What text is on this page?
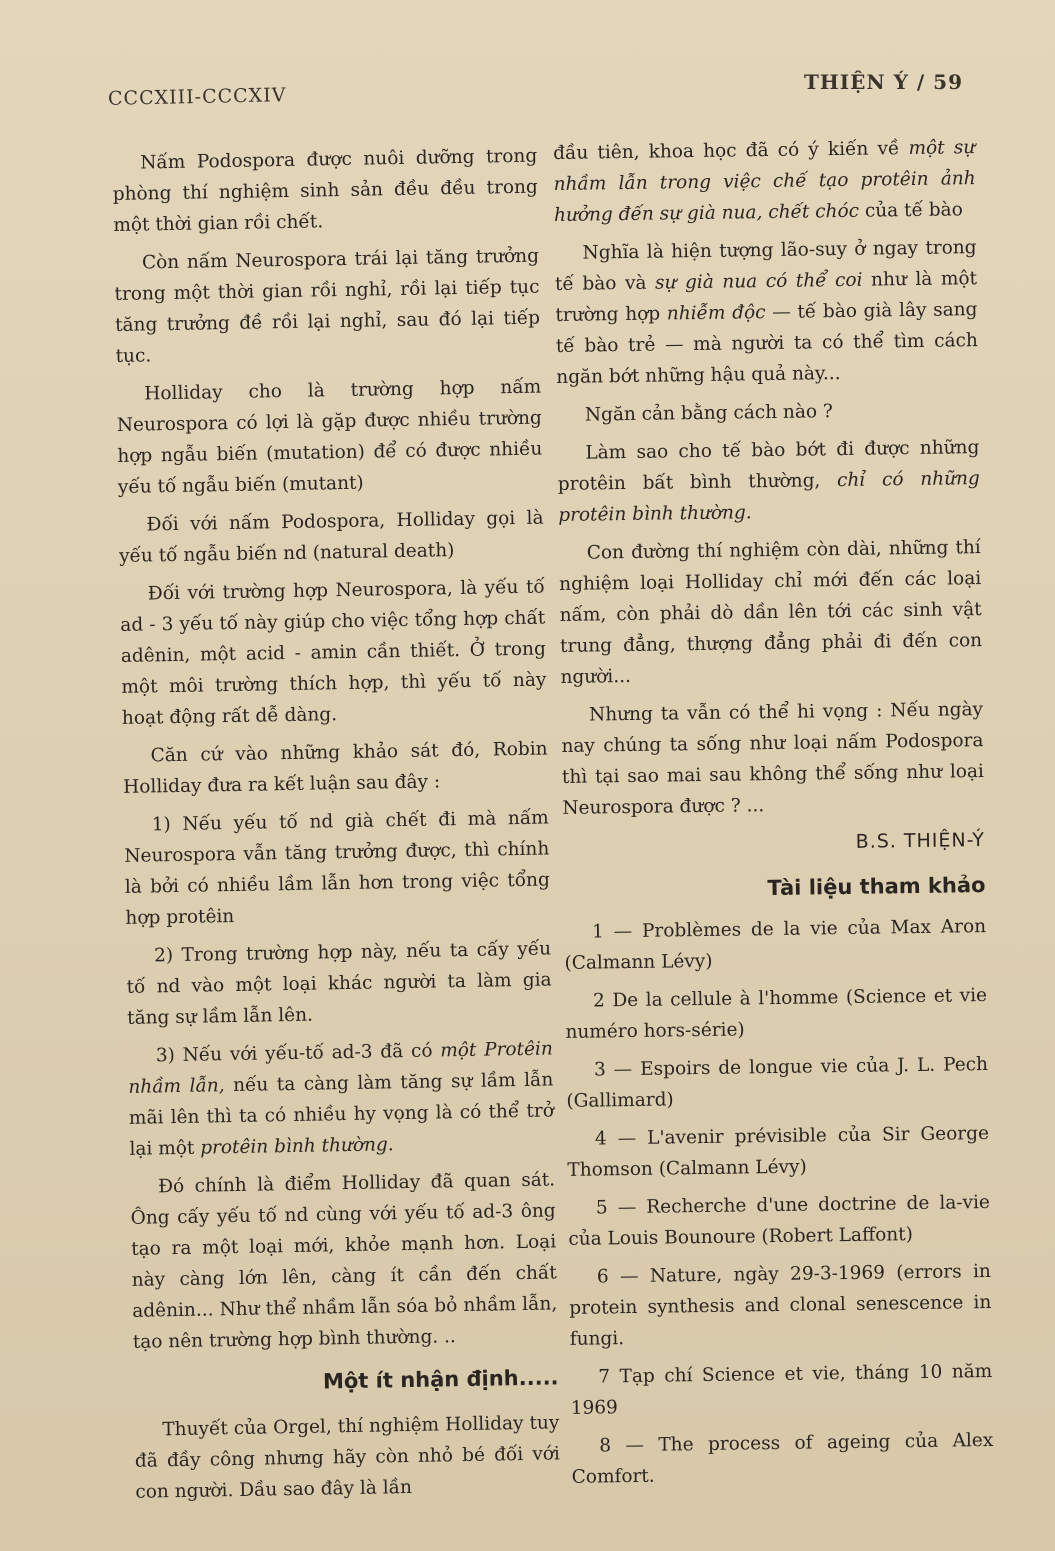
CCCXIII-CCCXIV
THIỆN Ý / 59

Nấm Podospora được nuôi dưỡng trong phòng thí nghiệm sinh sản đều đều trong một thời gian rồi chết.

Còn nấm Neurospora trái lại tăng trưởng trong một thời gian rồi nghỉ, rồi lại tiếp tục tăng trưởng đề rồi lại nghỉ, sau đó lại tiếp tục.

Holliday cho là trường hợp nấm Neurospora có lợi là gặp được nhiều trường hợp ngẫu biến (mutation) để có được nhiều yếu tố ngẫu biến (mutant)

Đối với nấm Podospora, Holliday gọi là yếu tố ngẫu biến nd (natural death)

Đối với trường hợp Neurospora, là yếu tố ad - 3 yếu tố này giúp cho việc tổng hợp chất adênin, một acid - amin cần thiết. Ở trong một môi trường thích hợp, thì yếu tố này hoạt động rất dễ dàng.

Căn cứ vào những khảo sát đó, Robin Holliday đưa ra kết luận sau đây :

1) Nếu yếu tố nd già chết đi mà nấm Neurospora vẫn tăng trưởng được, thì chính là bởi có nhiều lầm lẫn hơn trong việc tổng hợp protêin

2) Trong trường hợp này, nếu ta cấy yếu tố nd vào một loại khác người ta làm gia tăng sự lầm lẫn lên.

3) Nếu với yếu-tố ad-3 đã có một Protêin nhầm lẫn, nếu ta càng làm tăng sự lầm lẫn mãi lên thì ta có nhiều hy vọng là có thể trở lại một protêin bình thường.

Đó chính là điểm Holliday đã quan sát. Ông cấy yếu tố nd cùng với yếu tố ad-3 ông tạo ra một loại mới, khỏe mạnh hơn. Loại này càng lớn lên, càng ít cần đến chất adênin... Như thể nhầm lẫn sóa bỏ nhầm lẫn, tạo nên trường hợp bình thường. ..

Một ít nhận định.....

Thuyết của Orgel, thí nghiệm Holliday tuy đã đầy công nhưng hãy còn nhỏ bé đối với con người. Dầu sao đây là lần

đầu tiên, khoa học đã có ý kiến về một sự nhầm lẫn trong việc chế tạo protêin ảnh hưởng đến sự già nua, chết chóc của tế bào

Nghĩa là hiện tượng lão-suy ở ngay trong tế bào và sự già nua có thể coi như là một trường hợp nhiễm độc — tế bào già lây sang tế bào trẻ — mà người ta có thể tìm cách ngăn bớt những hậu quả này...

Ngăn cản bằng cách nào ?

Làm sao cho tế bào bớt đi được những protêin bất bình thường, chỉ có những protêin bình thường.

Con đường thí nghiệm còn dài, những thí nghiệm loại Holliday chỉ mới đến các loại nấm, còn phải dò dần lên tới các sinh vật trung đẳng, thượng đẳng phải đi đến con người...

Nhưng ta vẫn có thể hi vọng : Nếu ngày nay chúng ta sống như loại nấm Podospora thì tại sao mai sau không thể sống như loại Neurospora được ? ...

B.S. THIỆN-Ý
Tài liệu tham khảo

1 — Problèmes de la vie của Max Aron (Calmann Lévy)

2 De la cellule à l'homme (Science et vie numéro hors-série)

3 — Espoirs de longue vie của J. L. Pech (Gallimard)

4 — L'avenir prévisible của Sir George Thomson (Calmann Lévy)

5 — Recherche d'une doctrine de la-vie của Louis Bounoure (Robert Laffont)

6 — Nature, ngày 29-3-1969 (errors in protein synthesis and clonal senescence in fungi.

7 Tạp chí Science et vie, tháng 10 năm 1969

8 — The process of ageing của Alex Comfort.
